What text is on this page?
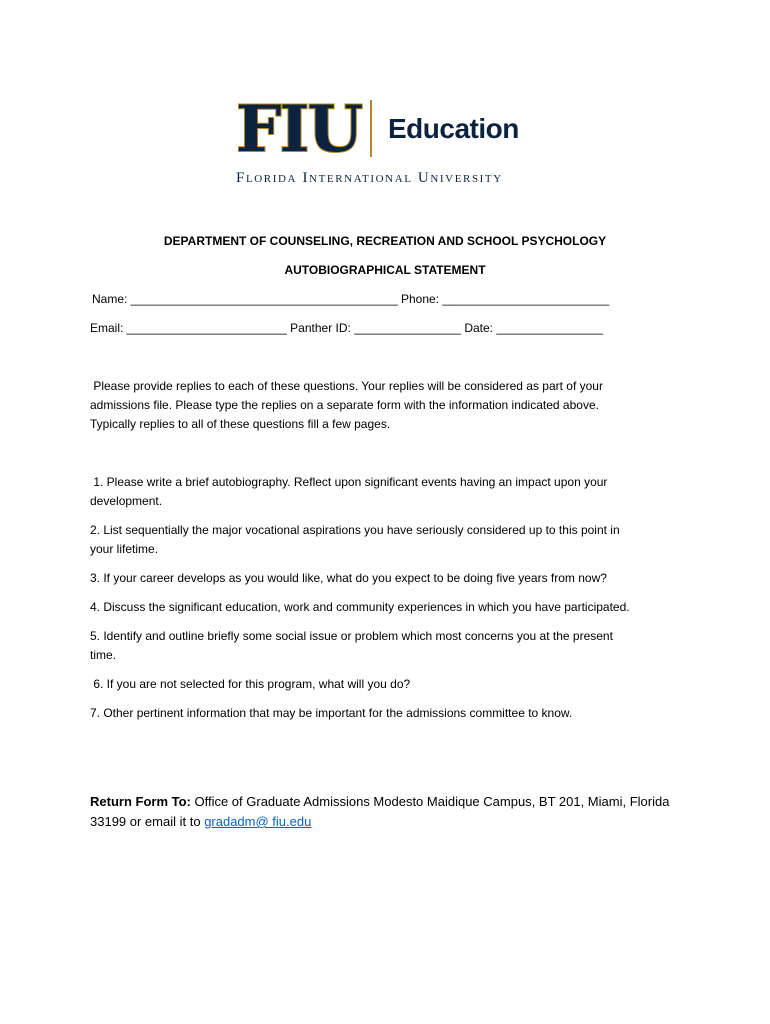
FIU Education
Florida International University
DEPARTMENT OF COUNSELING, RECREATION AND SCHOOL PSYCHOLOGY
AUTOBIOGRAPHICAL STATEMENT
Name: ________________________________________ Phone: _________________________
Email: ________________________ Panther ID: ________________ Date: ________________

Please provide replies to each of these questions. Your replies will be considered as part of your

admissions file. Please type the replies on a separate form with the information indicated above.

Typically replies to all of these questions fill a few pages.

1. Please write a brief autobiography. Reflect upon significant events having an impact upon your

development.

2. List sequentially the major vocational aspirations you have seriously considered up to this point in

your lifetime.

3. If your career develops as you would like, what do you expect to be doing five years from now?

4. Discuss the significant education, work and community experiences in which you have participated.

5. Identify and outline briefly some social issue or problem which most concerns you at the present

time.

6. If you are not selected for this program, what will you do?

7. Other pertinent information that may be important for the admissions committee to know.

Return Form To: Office of Graduate Admissions Modesto Maidique Campus, BT 201, Miami, Florida
33199 or email it to gradadm@ fiu.edu
